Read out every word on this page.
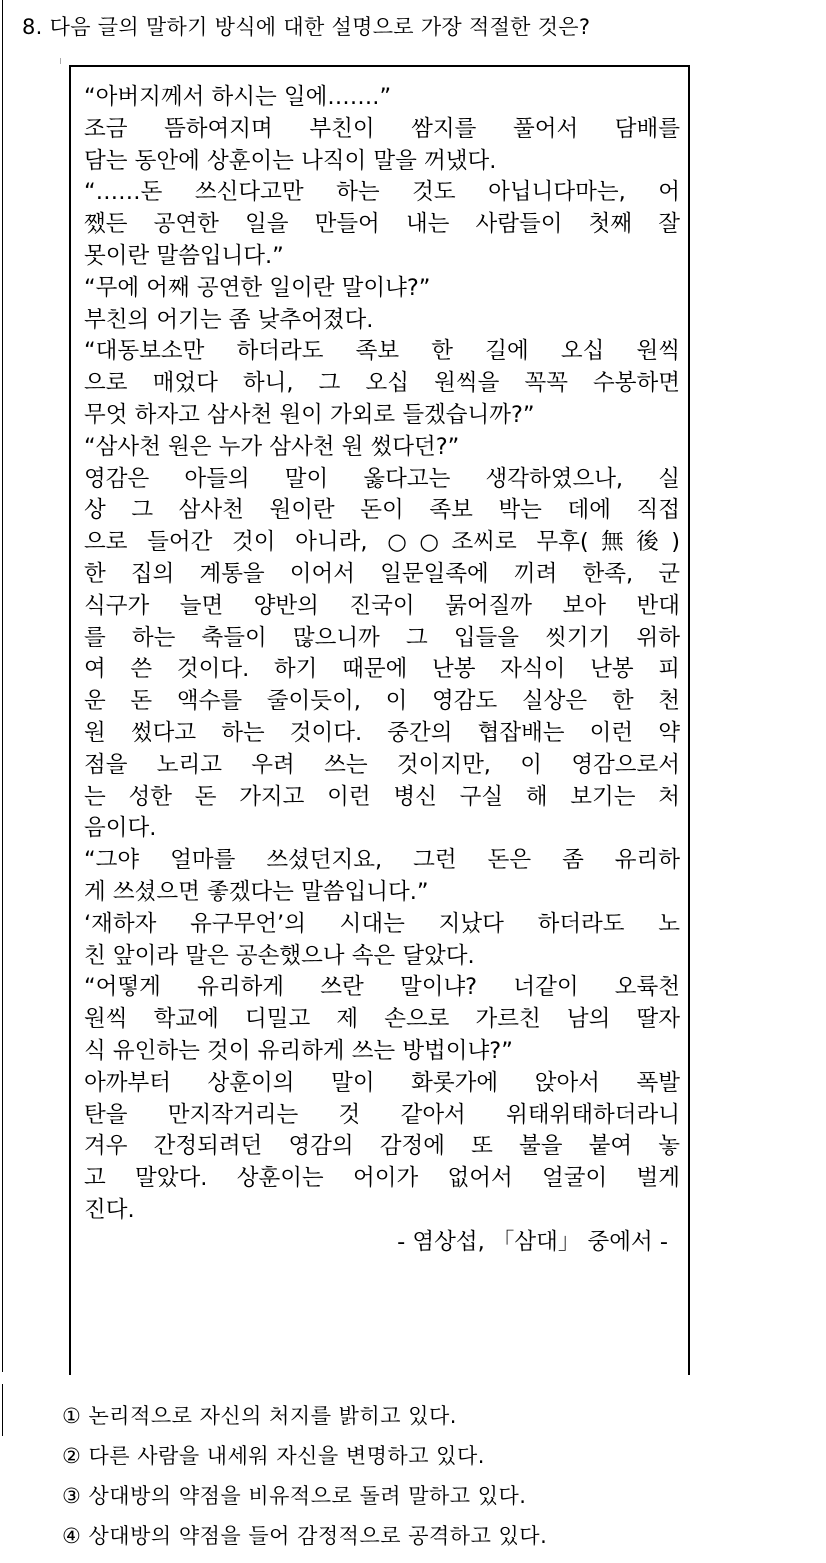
8. 다음 글의 말하기 방식에 대한 설명으로 가장 적절한 것은?
“아버지께서 하시는 일에…….”
조금 뜸하여지며 부친이 쌈지를 풀어서 담배를
담는 동안에 상훈이는 나직이 말을 꺼냈다.
“……돈 쓰신다고만 하는 것도 아닙니다마는, 어
쨌든 공연한 일을 만들어 내는 사람들이 첫째 잘
못이란 말씀입니다.”
“무에 어째 공연한 일이란 말이냐?”
부친의 어기는 좀 낮추어졌다.
“대동보소만 하더라도 족보 한 길에 오십 원씩
으로 매었다 하니, 그 오십 원씩을 꼭꼭 수봉하면
무엇 하자고 삼사천 원이 가외로 들겠습니까?”
“삼사천 원은 누가 삼사천 원 썼다던?”
영감은 아들의 말이 옳다고는 생각하였으나, 실
상 그 삼사천 원이란 돈이 족보 박는 데에 직접
으로 들어간 것이 아니라, ○○조씨로 무후(無後)
한 집의 계통을 이어서 일문일족에 끼려 한족, 군
식구가 늘면 양반의 진국이 묽어질까 보아 반대
를 하는 축들이 많으니까 그 입들을 씻기기 위하
여 쓴 것이다. 하기 때문에 난봉 자식이 난봉 피
운 돈 액수를 줄이듯이, 이 영감도 실상은 한 천
원 썼다고 하는 것이다. 중간의 협잡배는 이런 약
점을 노리고 우려 쓰는 것이지만, 이 영감으로서
는 성한 돈 가지고 이런 병신 구실 해 보기는 처
음이다.
“그야 얼마를 쓰셨던지요, 그런 돈은 좀 유리하
게 쓰셨으면 좋겠다는 말씀입니다.”
‘재하자 유구무언’의 시대는 지났다 하더라도 노
친 앞이라 말은 공손했으나 속은 달았다.
“어떻게 유리하게 쓰란 말이냐? 너같이 오륙천
원씩 학교에 디밀고 제 손으로 가르친 남의 딸자
식 유인하는 것이 유리하게 쓰는 방법이냐?”
아까부터 상훈이의 말이 화롯가에 앉아서 폭발
탄을 만지작거리는 것 같아서 위태위태하더라니
겨우 간정되려던 영감의 감정에 또 불을 붙여 놓
고 말았다. 상훈이는 어이가 없어서 얼굴이 벌게
진다.
- 염상섭, 「삼대」 중에서 -
① 논리적으로 자신의 처지를 밝히고 있다.
② 다른 사람을 내세워 자신을 변명하고 있다.
③ 상대방의 약점을 비유적으로 돌려 말하고 있다.
④ 상대방의 약점을 들어 감정적으로 공격하고 있다.
